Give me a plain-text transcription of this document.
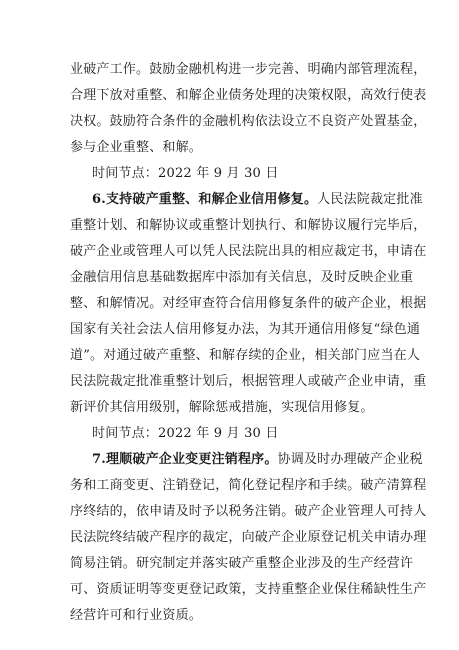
业破产工作。鼓励金融机构进一步完善、明确内部管理流程，
合理下放对重整、和解企业债务处理的决策权限，高效行使表
决权。鼓励符合条件的金融机构依法设立不良资产处置基金，
参与企业重整、和解。
时间节点：2022 年 9 月 30 日
6.支持破产重整、和解企业信用修复。人民法院裁定批准
重整计划、和解协议或重整计划执行、和解协议履行完毕后，
破产企业或管理人可以凭人民法院出具的相应裁定书，申请在
金融信用信息基础数据库中添加有关信息，及时反映企业重
整、和解情况。对经审查符合信用修复条件的破产企业，根据
国家有关社会法人信用修复办法，为其开通信用修复“绿色通
道”。对通过破产重整、和解存续的企业，相关部门应当在人
民法院裁定批准重整计划后，根据管理人或破产企业申请，重
新评价其信用级别，解除惩戒措施，实现信用修复。
时间节点：2022 年 9 月 30 日
7.理顺破产企业变更注销程序。协调及时办理破产企业税
务和工商变更、注销登记，简化登记程序和手续。破产清算程
序终结的，依申请及时予以税务注销。破产企业管理人可持人
民法院终结破产程序的裁定，向破产企业原登记机关申请办理
简易注销。研究制定并落实破产重整企业涉及的生产经营许
可、资质证明等变更登记政策，支持重整企业保住稀缺性生产
经营许可和行业资质。
